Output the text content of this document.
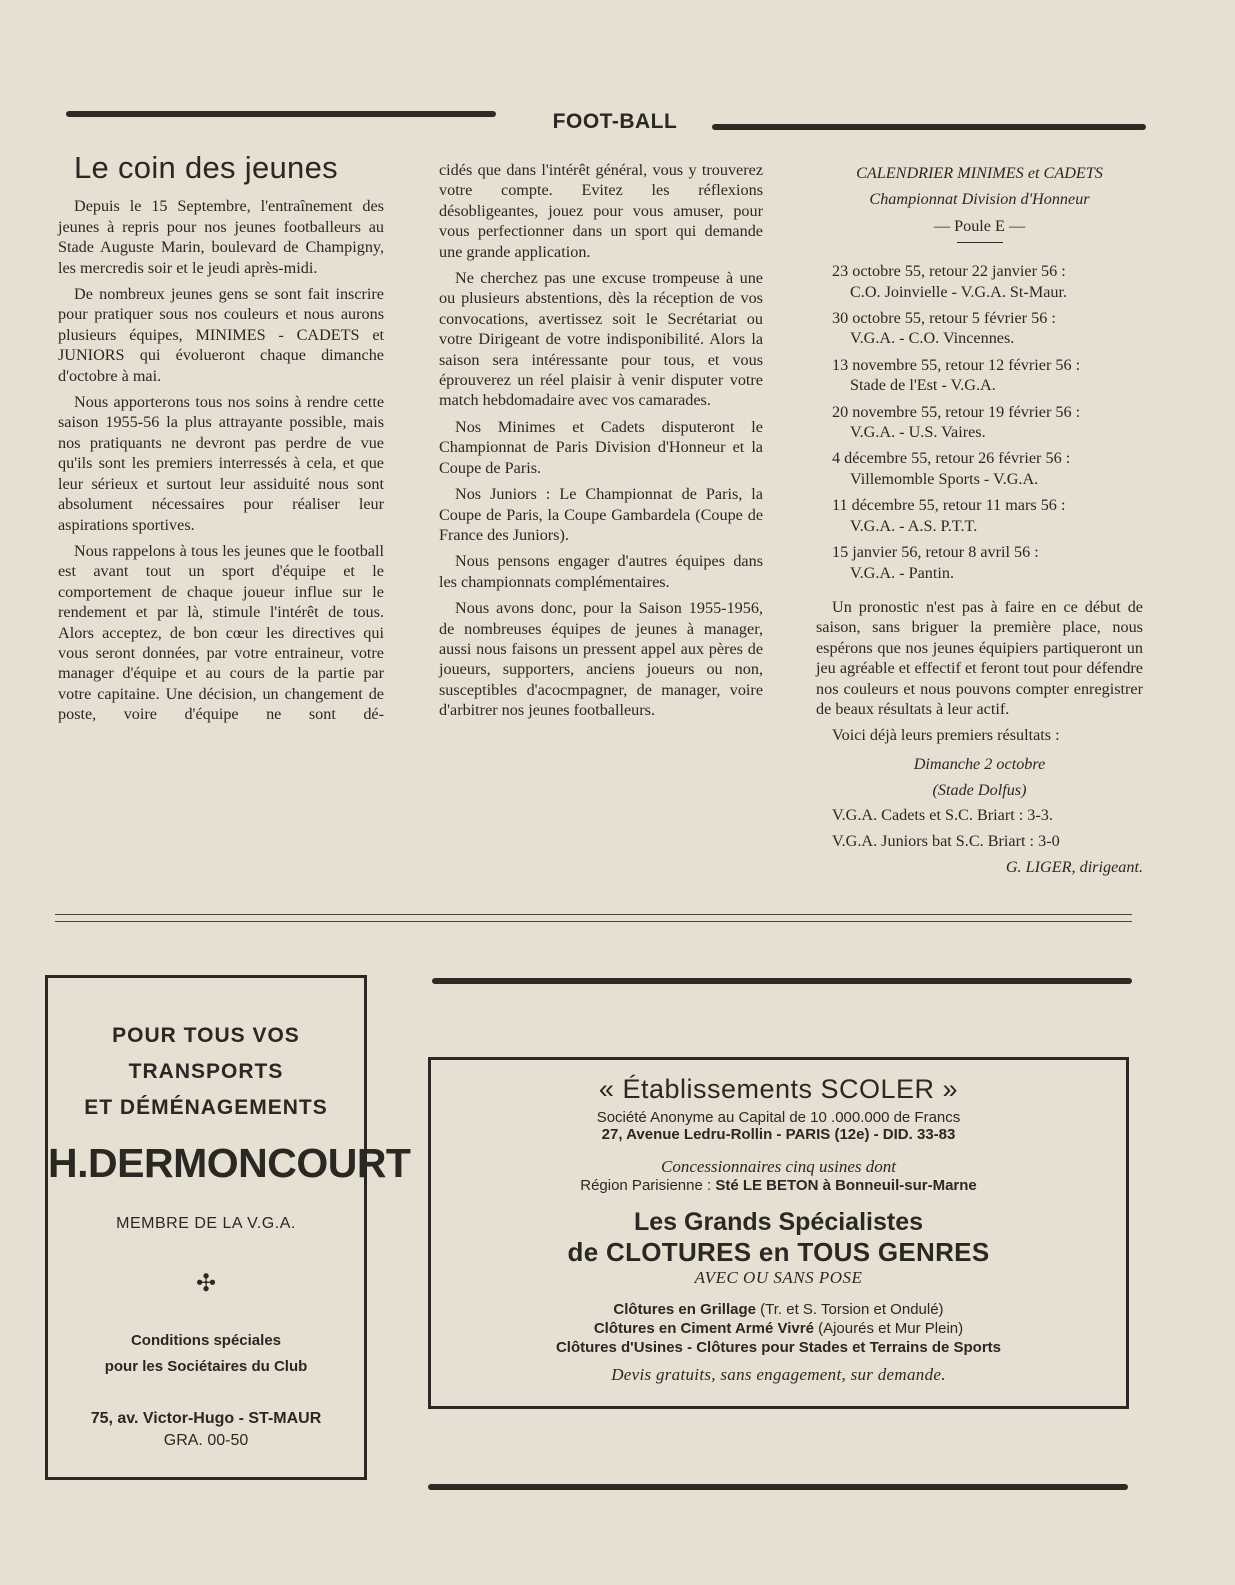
FOOT-BALL
Le coin des jeunes

Depuis le 15 Septembre, l'entraînement des jeunes à repris pour nos jeunes footballeurs au Stade Auguste Marin, boulevard de Champigny, les mercredis soir et le jeudi après-midi.

De nombreux jeunes gens se sont fait inscrire pour pratiquer sous nos couleurs et nous aurons plusieurs équipes, MINIMES - CADETS et JUNIORS qui évolueront chaque dimanche d'octobre à mai.

Nous apporterons tous nos soins à rendre cette saison 1955-56 la plus attrayante possible, mais nos pratiquants ne devront pas perdre de vue qu'ils sont les premiers interressés à cela, et que leur sérieux et surtout leur assiduité nous sont absolument nécessaires pour réaliser leur aspirations sportives.

Nous rappelons à tous les jeunes que le football est avant tout un sport d'équipe et le comportement de chaque joueur influe sur le rendement et par là, stimule l'intérêt de tous. Alors acceptez, de bon cœur les directives qui vous seront données, par votre entraineur, votre manager d'équipe et au cours de la partie par votre capitaine. Une décision, un changement de poste, voire d'équipe ne sont dé-

cidés que dans l'intérêt général, vous y trouverez votre compte. Evitez les réflexions désobligeantes, jouez pour vous amuser, pour vous perfectionner dans un sport qui demande une grande application.

Ne cherchez pas une excuse trompeuse à une ou plusieurs abstentions, dès la réception de vos convocations, avertissez soit le Secrétariat ou votre Dirigeant de votre indisponibilité. Alors la saison sera intéressante pour tous, et vous éprouverez un réel plaisir à venir disputer votre match hebdomadaire avec vos camarades.

Nos Minimes et Cadets disputeront le Championnat de Paris Division d'Honneur et la Coupe de Paris.

Nos Juniors : Le Championnat de Paris, la Coupe de Paris, la Coupe Gambardela (Coupe de France des Juniors).

Nous pensons engager d'autres équipes dans les championnats complémentaires.

Nous avons donc, pour la Saison 1955-1956, de nombreuses équipes de jeunes à manager, aussi nous faisons un pressent appel aux pères de joueurs, supporters, anciens joueurs ou non, susceptibles d'acocmpagner, de manager, voire d'arbitrer nos jeunes footballeurs.

CALENDRIER MINIMES et CADETS

Championnat Division d'Honneur

— Poule E —

23 octobre 55, retour 22 janvier 56 :
C.O. Joinvielle - V.G.A. St-Maur.

30 octobre 55, retour 5 février 56 :
V.G.A. - C.O. Vincennes.

13 novembre 55, retour 12 février 56 :
Stade de l'Est - V.G.A.

20 novembre 55, retour 19 février 56 :
V.G.A. - U.S. Vaires.

4 décembre 55, retour 26 février 56 :
Villemomble Sports - V.G.A.

11 décembre 55, retour 11 mars 56 :
V.G.A. - A.S. P.T.T.

15 janvier 56, retour 8 avril 56 :
V.G.A. - Pantin.

Un pronostic n'est pas à faire en ce début de saison, sans briguer la première place, nous espérons que nos jeunes équipiers partiqueront un jeu agréable et effectif et feront tout pour défendre nos couleurs et nous pouvons compter enregistrer de beaux résultats à leur actif.

Voici déjà leurs premiers résultats :

Dimanche 2 octobre

(Stade Dolfus)

V.G.A. Cadets et S.C. Briart : 3-3.

V.G.A. Juniors bat S.C. Briart : 3-0

G. LIGER, dirigeant.

POUR TOUS VOS TRANSPORTS
ET DÉMÉNAGEMENTS
H.DERMONCOURT
MEMBRE DE LA V.G.A.
✣
Conditions spéciales
pour les Sociétaires du Club
75, av. Victor-Hugo - ST-MAUR
GRA. 00-50
« Établissements SCOLER »
Société Anonyme au Capital de 10 .000.000 de Francs
27, Avenue Ledru-Rollin - PARIS (12e) - DID. 33-83
Concessionnaires cinq usines dont
Région Parisienne : Sté LE BETON à Bonneuil-sur-Marne
Les Grands Spécialistes
de CLOTURES en TOUS GENRES
AVEC OU SANS POSE
Clôtures en Grillage (Tr. et S. Torsion et Ondulé)
Clôtures en Ciment Armé Vivré (Ajourés et Mur Plein)
Clôtures d'Usines - Clôtures pour Stades et Terrains de Sports
Devis gratuits, sans engagement, sur demande.
